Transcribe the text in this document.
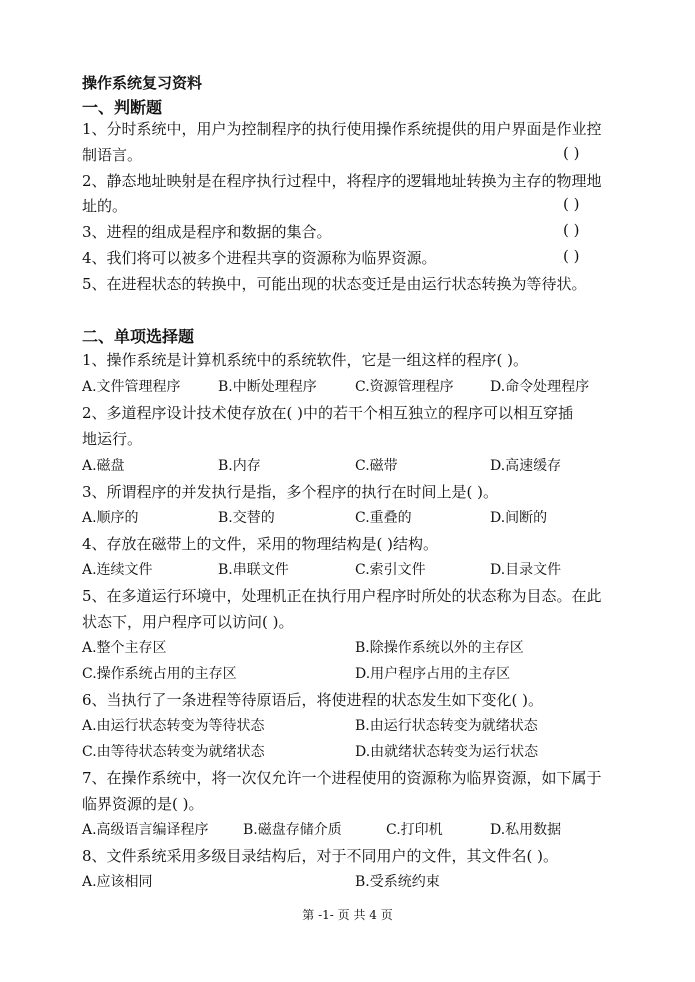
操作系统复习资料
一、判断题
1、分时系统中，用户为控制程序的执行使用操作系统提供的用户界面是作业控
制语言。	( )
2、静态地址映射是在程序执行过程中，将程序的逻辑地址转换为主存的物理地
址的。	( )
3、进程的组成是程序和数据的集合。	( )
4、我们将可以被多个进程共享的资源称为临界资源。	( )
5、在进程状态的转换中，可能出现的状态变迁是由运行状态转换为等待状。
二、单项选择题
1、操作系统是计算机系统中的系统软件，它是一组这样的程序( )。
A.文件管理程序	B.中断处理程序	C.资源管理程序	D.命令处理程序
2、多道程序设计技术使存放在( )中的若干个相互独立的程序可以相互穿插
地运行。
A.磁盘	B.内存	C.磁带	D.高速缓存
3、所谓程序的并发执行是指，多个程序的执行在时间上是( )。
A.顺序的	B.交替的	C.重叠的	D.间断的
4、存放在磁带上的文件，采用的物理结构是( )结构。
A.连续文件	B.串联文件	C.索引文件	D.目录文件
5、在多道运行环境中，处理机正在执行用户程序时所处的状态称为目态。在此
状态下，用户程序可以访问( )。
A.整个主存区	B.除操作系统以外的主存区
C.操作系统占用的主存区	D.用户程序占用的主存区
6、当执行了一条进程等待原语后，将使进程的状态发生如下变化( )。
A.由运行状态转变为等待状态	B.由运行状态转变为就绪状态
C.由等待状态转变为就绪状态	D.由就绪状态转变为运行状态
7、在操作系统中，将一次仅允许一个进程使用的资源称为临界资源，如下属于
临界资源的是( )。
A.高级语言编译程序 B.磁盘存储介质	C.打印机	D.私用数据
8、文件系统采用多级目录结构后，对于不同用户的文件，其文件名( )。
A.应该相同	B.受系统约束
第 -1- 页 共 4 页
